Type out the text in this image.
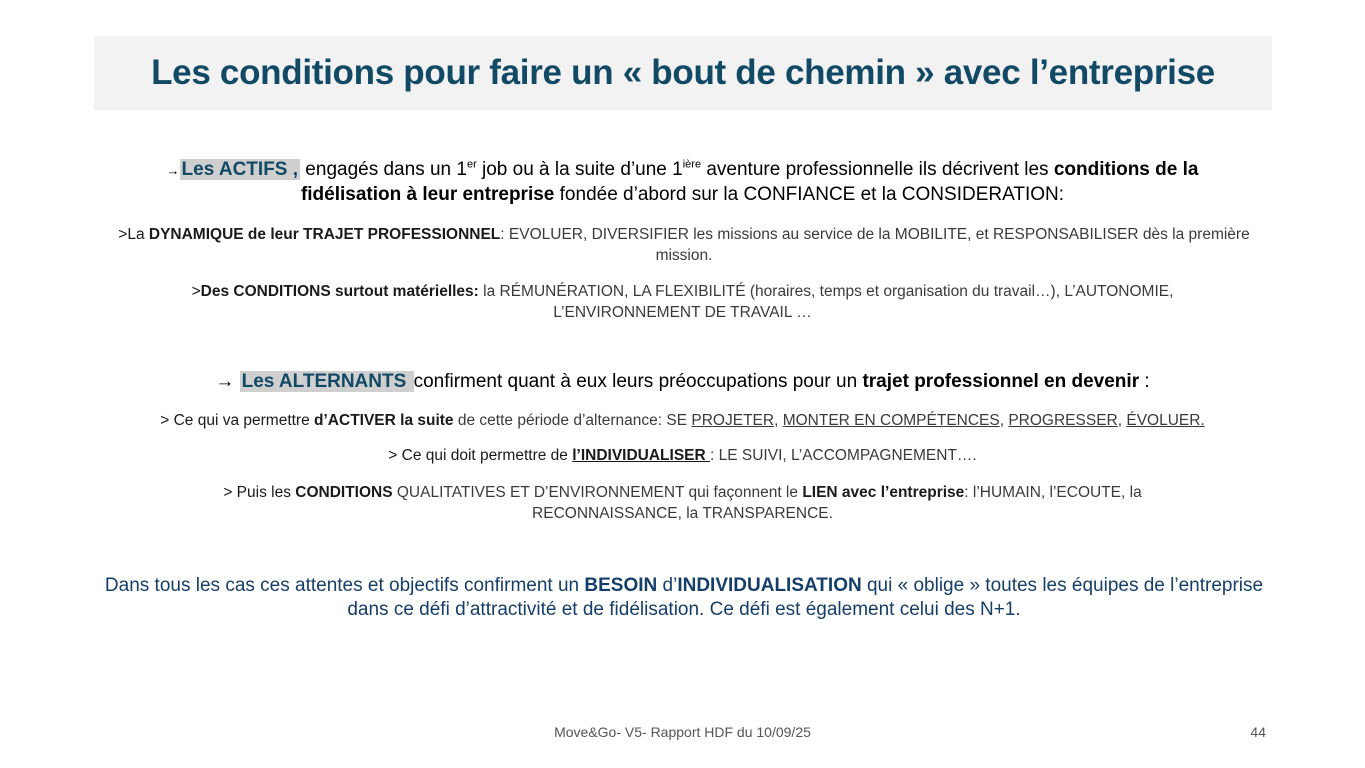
Les conditions pour faire un « bout de chemin » avec l’entreprise

→ Les ACTIFS , engagés dans un 1er job ou à la suite d’une $1^{ière}$ aventure professionnelle ils décrivent les conditions de la fidélisation à leur entreprise fondée d’abord sur la CONFIANCE et la CONSIDERATION:

>La DYNAMIQUE de leur TRAJET PROFESSIONNEL: EVOLUER, DIVERSIFIER les missions au service de la MOBILITE, et RESPONSABILISER dès la première mission.

>Des CONDITIONS surtout matérielles: la RÉMUNÉRATION, LA FLEXIBILITÉ (horaires, temps et organisation du travail…), L’AUTONOMIE, L’ENVIRONNEMENT DE TRAVAIL …

→ Les ALTERNANTS confirment quant à eux leurs préoccupations pour un trajet professionnel en devenir :

> Ce qui va permettre d’ACTIVER la suite de cette période d’alternance: SE PROJETER, MONTER EN COMPÉTENCES, PROGRESSER, ÉVOLUER.

> Ce qui doit permettre de l’INDIVIDUALISER : LE SUIVI, L’ACCOMPAGNEMENT….

> Puis les CONDITIONS QUALITATIVES ET D’ENVIRONNEMENT qui façonnent le LIEN avec l’entreprise: l’HUMAIN, l’ECOUTE, la RECONNAISSANCE, la TRANSPARENCE.

Dans tous les cas ces attentes et objectifs confirment un BESOIN d’INDIVIDUALISATION qui « oblige » toutes les équipes de l’entreprise dans ce défi d’attractivité et de fidélisation. Ce défi est également celui des N+1.

Move&Go- V5- Rapport HDF du 10/09/25	44
